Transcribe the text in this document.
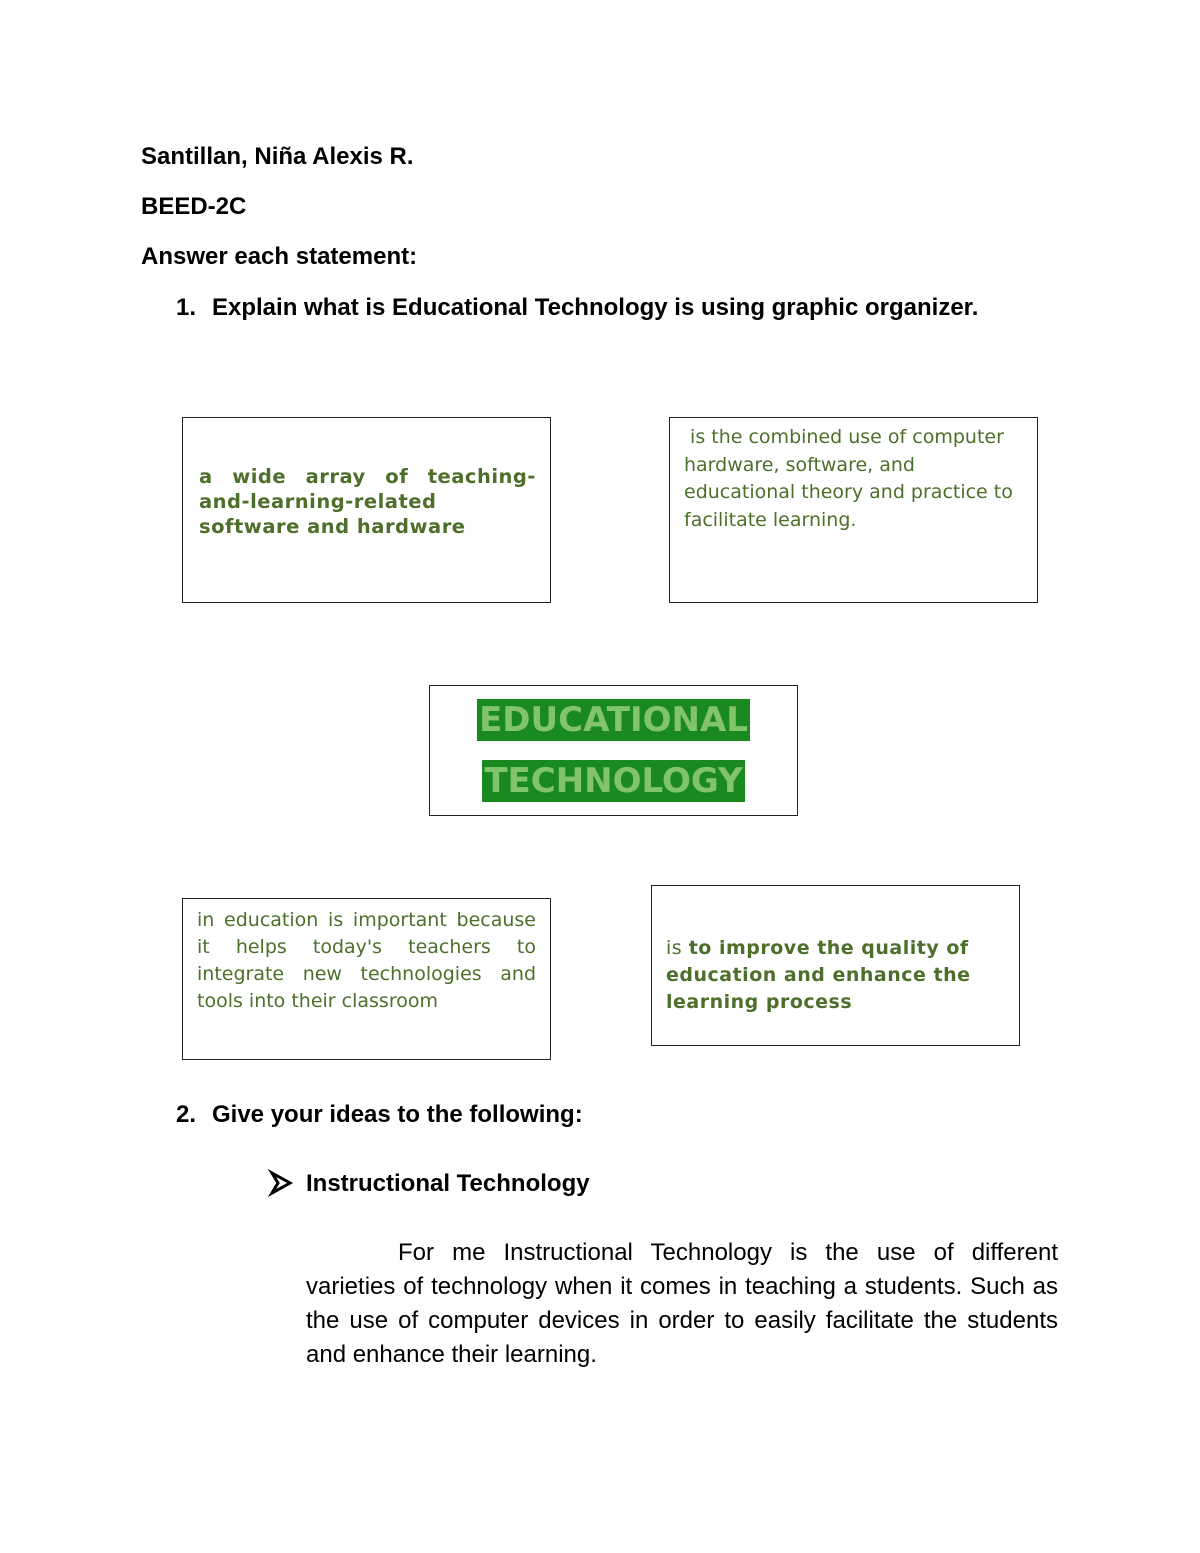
Santillan, Niña Alexis R.

BEED-2C

Answer each statement:

1. Explain what is Educational Technology is using graphic organizer.

a wide array of teaching-and-learning-related software and hardware

is the combined use of computer hardware, software, and educational theory and practice to facilitate learning.

EDUCATIONAL
TECHNOLOGY

in education is important because it helps today's teachers to integrate new technologies and tools into their classroom

is to improve the quality of education and enhance the learning process

2. Give your ideas to the following:

Instructional Technology

For me Instructional Technology is the use of different varieties of technology when it comes in teaching a students. Such as the use of computer devices in order to easily facilitate the students and enhance their learning.
